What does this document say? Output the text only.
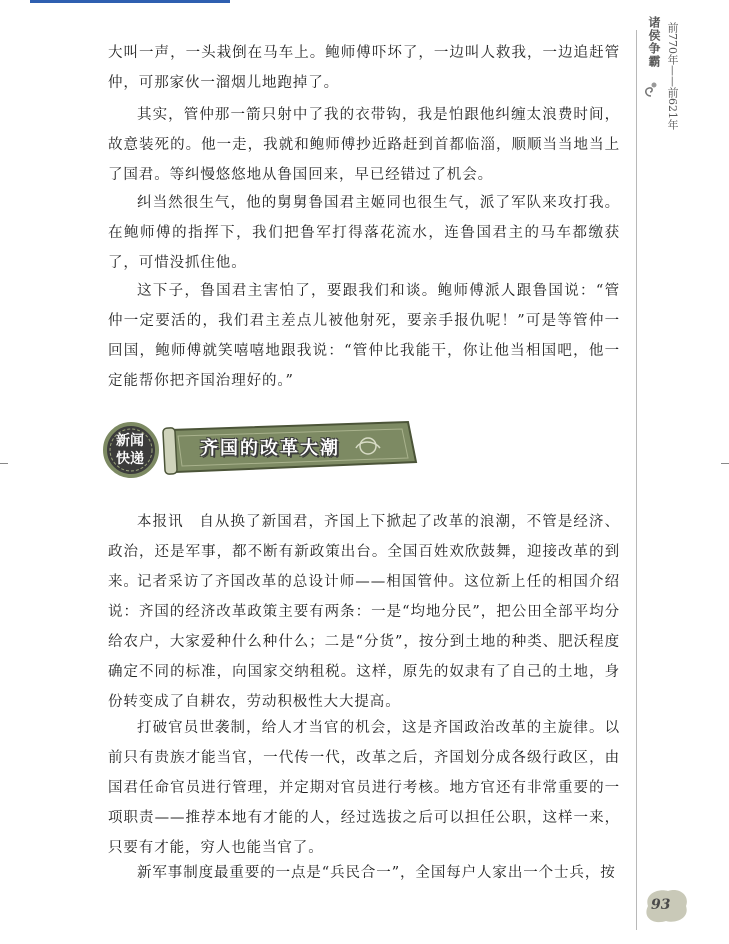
诸侯争霸 前770年——前621年

大叫一声，一头栽倒在马车上。鲍师傅吓坏了，一边叫人救我，一边追赶管仲，可那家伙一溜烟儿地跑掉了。

其实，管仲那一箭只射中了我的衣带钩，我是怕跟他纠缠太浪费时间，故意装死的。他一走，我就和鲍师傅抄近路赶到首都临淄，顺顺当当地当上了国君。等纠慢悠悠地从鲁国回来，早已经错过了机会。

纠当然很生气，他的舅舅鲁国君主姬同也很生气，派了军队来攻打我。在鲍师傅的指挥下，我们把鲁军打得落花流水，连鲁国君主的马车都缴获了，可惜没抓住他。

这下子，鲁国君主害怕了，要跟我们和谈。鲍师傅派人跟鲁国说：“管仲一定要活的，我们君主差点儿被他射死，要亲手报仇呢！”可是等管仲一回国，鲍师傅就笑嘻嘻地跟我说：“管仲比我能干，你让他当相国吧，他一定能帮你把齐国治理好的。”

新闻
快递	齐国的改革大潮

本报讯　自从换了新国君，齐国上下掀起了改革的浪潮，不管是经济、政治，还是军事，都不断有新政策出台。全国百姓欢欣鼓舞，迎接改革的到来。

记者采访了齐国改革的总设计师——相国管仲。这位新上任的相国介绍说：齐国的经济改革政策主要有两条：一是“均地分民”，把公田全部平均分给农户，大家爱种什么种什么；二是“分货”，按分到土地的种类、肥沃程度确定不同的标准，向国家交纳租税。这样，原先的奴隶有了自己的土地，身份转变成了自耕农，劳动积极性大大提高。

打破官员世袭制，给人才当官的机会，这是齐国政治改革的主旋律。以前只有贵族才能当官，一代传一代，改革之后，齐国划分成各级行政区，由国君任命官员进行管理，并定期对官员进行考核。地方官还有非常重要的一项职责——推荐本地有才能的人，经过选拔之后可以担任公职，这样一来，只要有才能，穷人也能当官了。

新军事制度最重要的一点是“兵民合一”，全国每户人家出一个士兵，按

93
